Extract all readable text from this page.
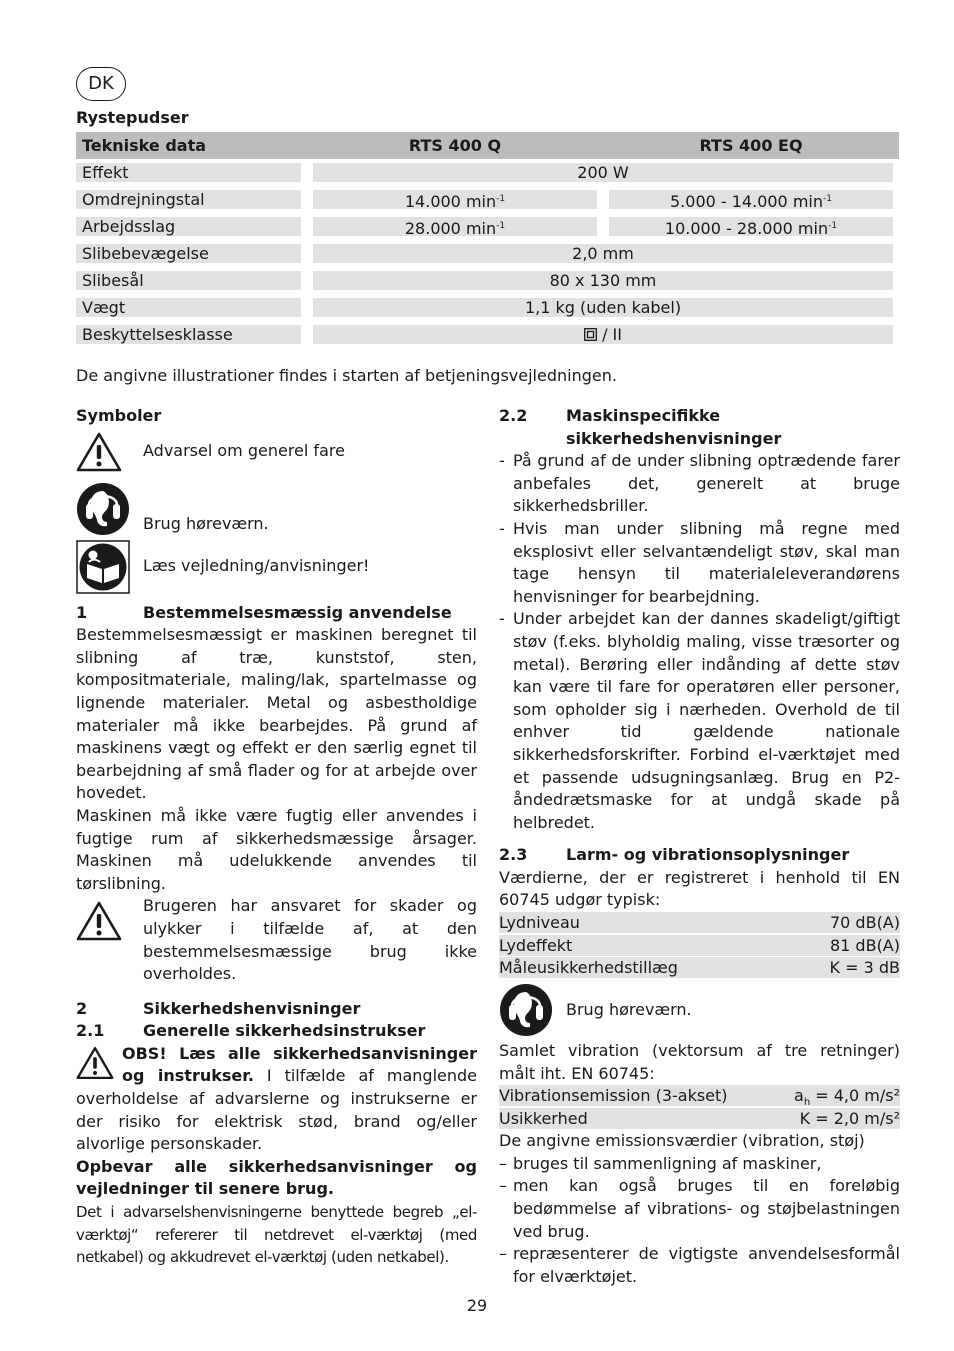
DK
Rystepudser
Tekniske data	RTS 400 Q	RTS 400 EQ

Effekt	200 W	

Omdrejningstal	14.000 $\min^{-1}$	5.000 - 14.000 $\min^{-1}$

Arbejdsslag	28.000 $\min^{-1}$	10.000 - 28.000 $\min^{-1}$

Slibebevægelse	2,0 mm	

Slibesål	80 x 130 mm	

Vægt	1,1 kg (uden kabel)	

Beskyttelsesklasse	/ II	
De angivne illustrationer findes i starten af betjeningsvejledningen.
Symboler
Advarsel om generel fare
Brug høreværn.
Læs vejledning/anvisninger!
1	Bestemmelsesmæssig anvendelse
Bestemmelsesmæssigt er maskinen beregnet til slibning af træ, kunststof, sten, kompositmateriale, maling/lak, spartelmasse og lignende materialer. Metal og asbestholdige materialer må ikke bearbejdes. På grund af maskinens vægt og effekt er den særlig egnet til bearbejdning af små flader og for at arbejde over hovedet.
Maskinen må ikke være fugtig eller anvendes i fugtige rum af sikkerhedsmæssige årsager. Maskinen må udelukkende anvendes til tørslibning.
Brugeren har ansvaret for skader og ulykker i tilfælde af, at den bestemmelsesmæssige brug ikke overholdes.
2	Sikkerhedshenvisninger
2.1	Generelle sikkerhedsinstrukser
OBS! Læs alle sikkerhedsanvisninger og instrukser. I tilfælde af manglende overholdelse af advarslerne og instrukserne er der risiko for elektrisk stød, brand og/eller alvorlige personskader.
Opbevar alle sikkerhedsanvisninger og vejledninger til senere brug.
Det i advarselshenvisningerne benyttede begreb „el-værktøj“ refererer til netdrevet el-værktøj (med netkabel) og akkudrevet el-værktøj (uden netkabel).
2.2	Maskinspecifikke sikkerhedshenvisninger
- På grund af de under slibning optrædende farer anbefales det, generelt at bruge sikkerhedsbriller.
- Hvis man under slibning må regne med eksplosivt eller selvantændeligt støv, skal man tage hensyn til materialeleverandørens henvisninger for bearbejdning.
- Under arbejdet kan der dannes skadeligt/giftigt støv (f.eks. blyholdig maling, visse træsorter og metal). Berøring eller indånding af dette støv kan være til fare for operatøren eller personer, som opholder sig i nærheden. Overhold de til enhver tid gældende nationale sikkerhedsforskrifter. Forbind el-værktøjet med et passende udsugningsanlæg. Brug en P2-åndedrætsmaske for at undgå skade på helbredet.
2.3	Larm- og vibrationsoplysninger
Værdierne, der er registreret i henhold til EN 60745 udgør typisk:
Lydniveau	70 dB(A)
Lydeffekt	81 dB(A)
Måleusikkerhedstillæg	K = 3 dB
Brug høreværn.
Samlet vibration (vektorsum af tre retninger) målt iht. EN 60745:
Vibrationsemission (3-akset)	$a_h = 4,0$ m/s²
Usikkerhed	K = 2,0 m/s²
De angivne emissionsværdier (vibration, støj)
– bruges til sammenligning af maskiner,
– men kan også bruges til en foreløbig bedømmelse af vibrations- og støjbelastningen ved brug.
– repræsenterer de vigtigste anvendelsesformål for elværktøjet.
29
